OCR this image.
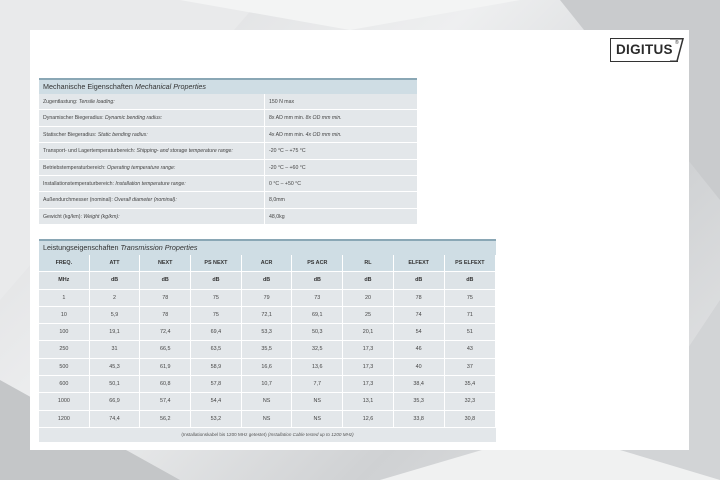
DIGITUS ®
Mechanische Eigenschaften Mechanical Properties
Zugentlastung: Tensile loading:	150 N max
Dynamischer Biegeradius: Dynamic bending radius:	8x AD mm min. 8x OD mm min.
Statischer Biegeradius: Static bending radius:	4x AD mm min. 4x OD mm min.
Transport- und Lagertemperaturbereich: Shipping- and storage temperature range:	-20 °C – +75 °C
Betriebstemperaturbereich: Operating temperature range:	-20 °C – +60 °C
Installationstemperaturbereich: Installation temperature range:	0 °C – +50 °C
Außendurchmesser (nominal): Overall diameter (nominal):	8,0mm
Gewicht (kg/km): Weight (kg/km):	48,0kg
Leistungseigenschaften Transmission Properties
FREQ.	ATT	NEXT	PS NEXT	ACR	PS ACR	RL	ELFEXT	PS ELFEXT
MHz	dB	dB	dB	dB	dB	dB	dB	dB
1	2	78	75	79	73	20	78	75
10	5,9	78	75	72,1	69,1	25	74	71
100	19,1	72,4	69,4	53,3	50,3	20,1	54	51
250	31	66,5	63,5	35,5	32,5	17,3	46	43
500	45,3	61,9	58,9	16,6	13,6	17,3	40	37
600	50,1	60,8	57,8	10,7	7,7	17,3	38,4	35,4
1000	66,9	57,4	54,4	NS	NS	13,1	35,3	32,3
1200	74,4	56,2	53,2	NS	NS	12,6	33,8	30,8
(Installationskabel bis 1200 MHz getestet) (Installation Cable tested up to 1200 MHz)
